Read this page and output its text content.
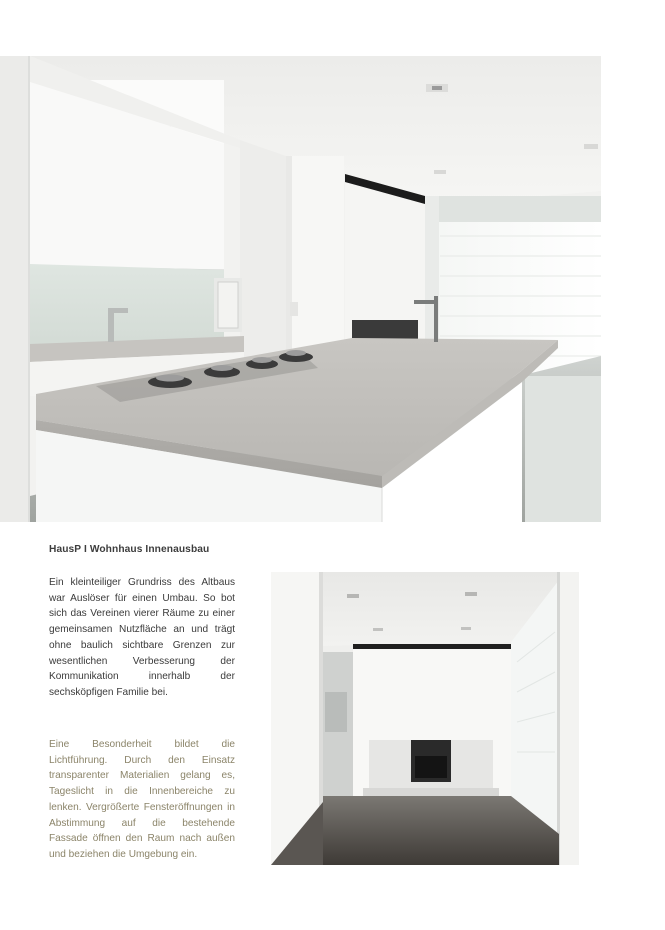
HausP I Wohnhaus Innenausbau

Ein kleinteiliger Grundriss des Altbaus war Auslöser für einen Umbau. So bot sich das Vereinen vierer Räume zu einer gemeinsamen Nutzfläche an und trägt ohne baulich sichtbare Grenzen zur wesentlichen Verbesserung der Kommunikation innerhalb der sechsköpfigen Familie bei.

Eine Besonderheit bildet die Lichtführung. Durch den Einsatz transparenter Materialien gelang es, Tageslicht in die Innenbereiche zu lenken. Vergrößerte Fensteröffnungen in Abstimmung auf die bestehende Fassade öffnen den Raum nach außen und beziehen die Umgebung ein.
